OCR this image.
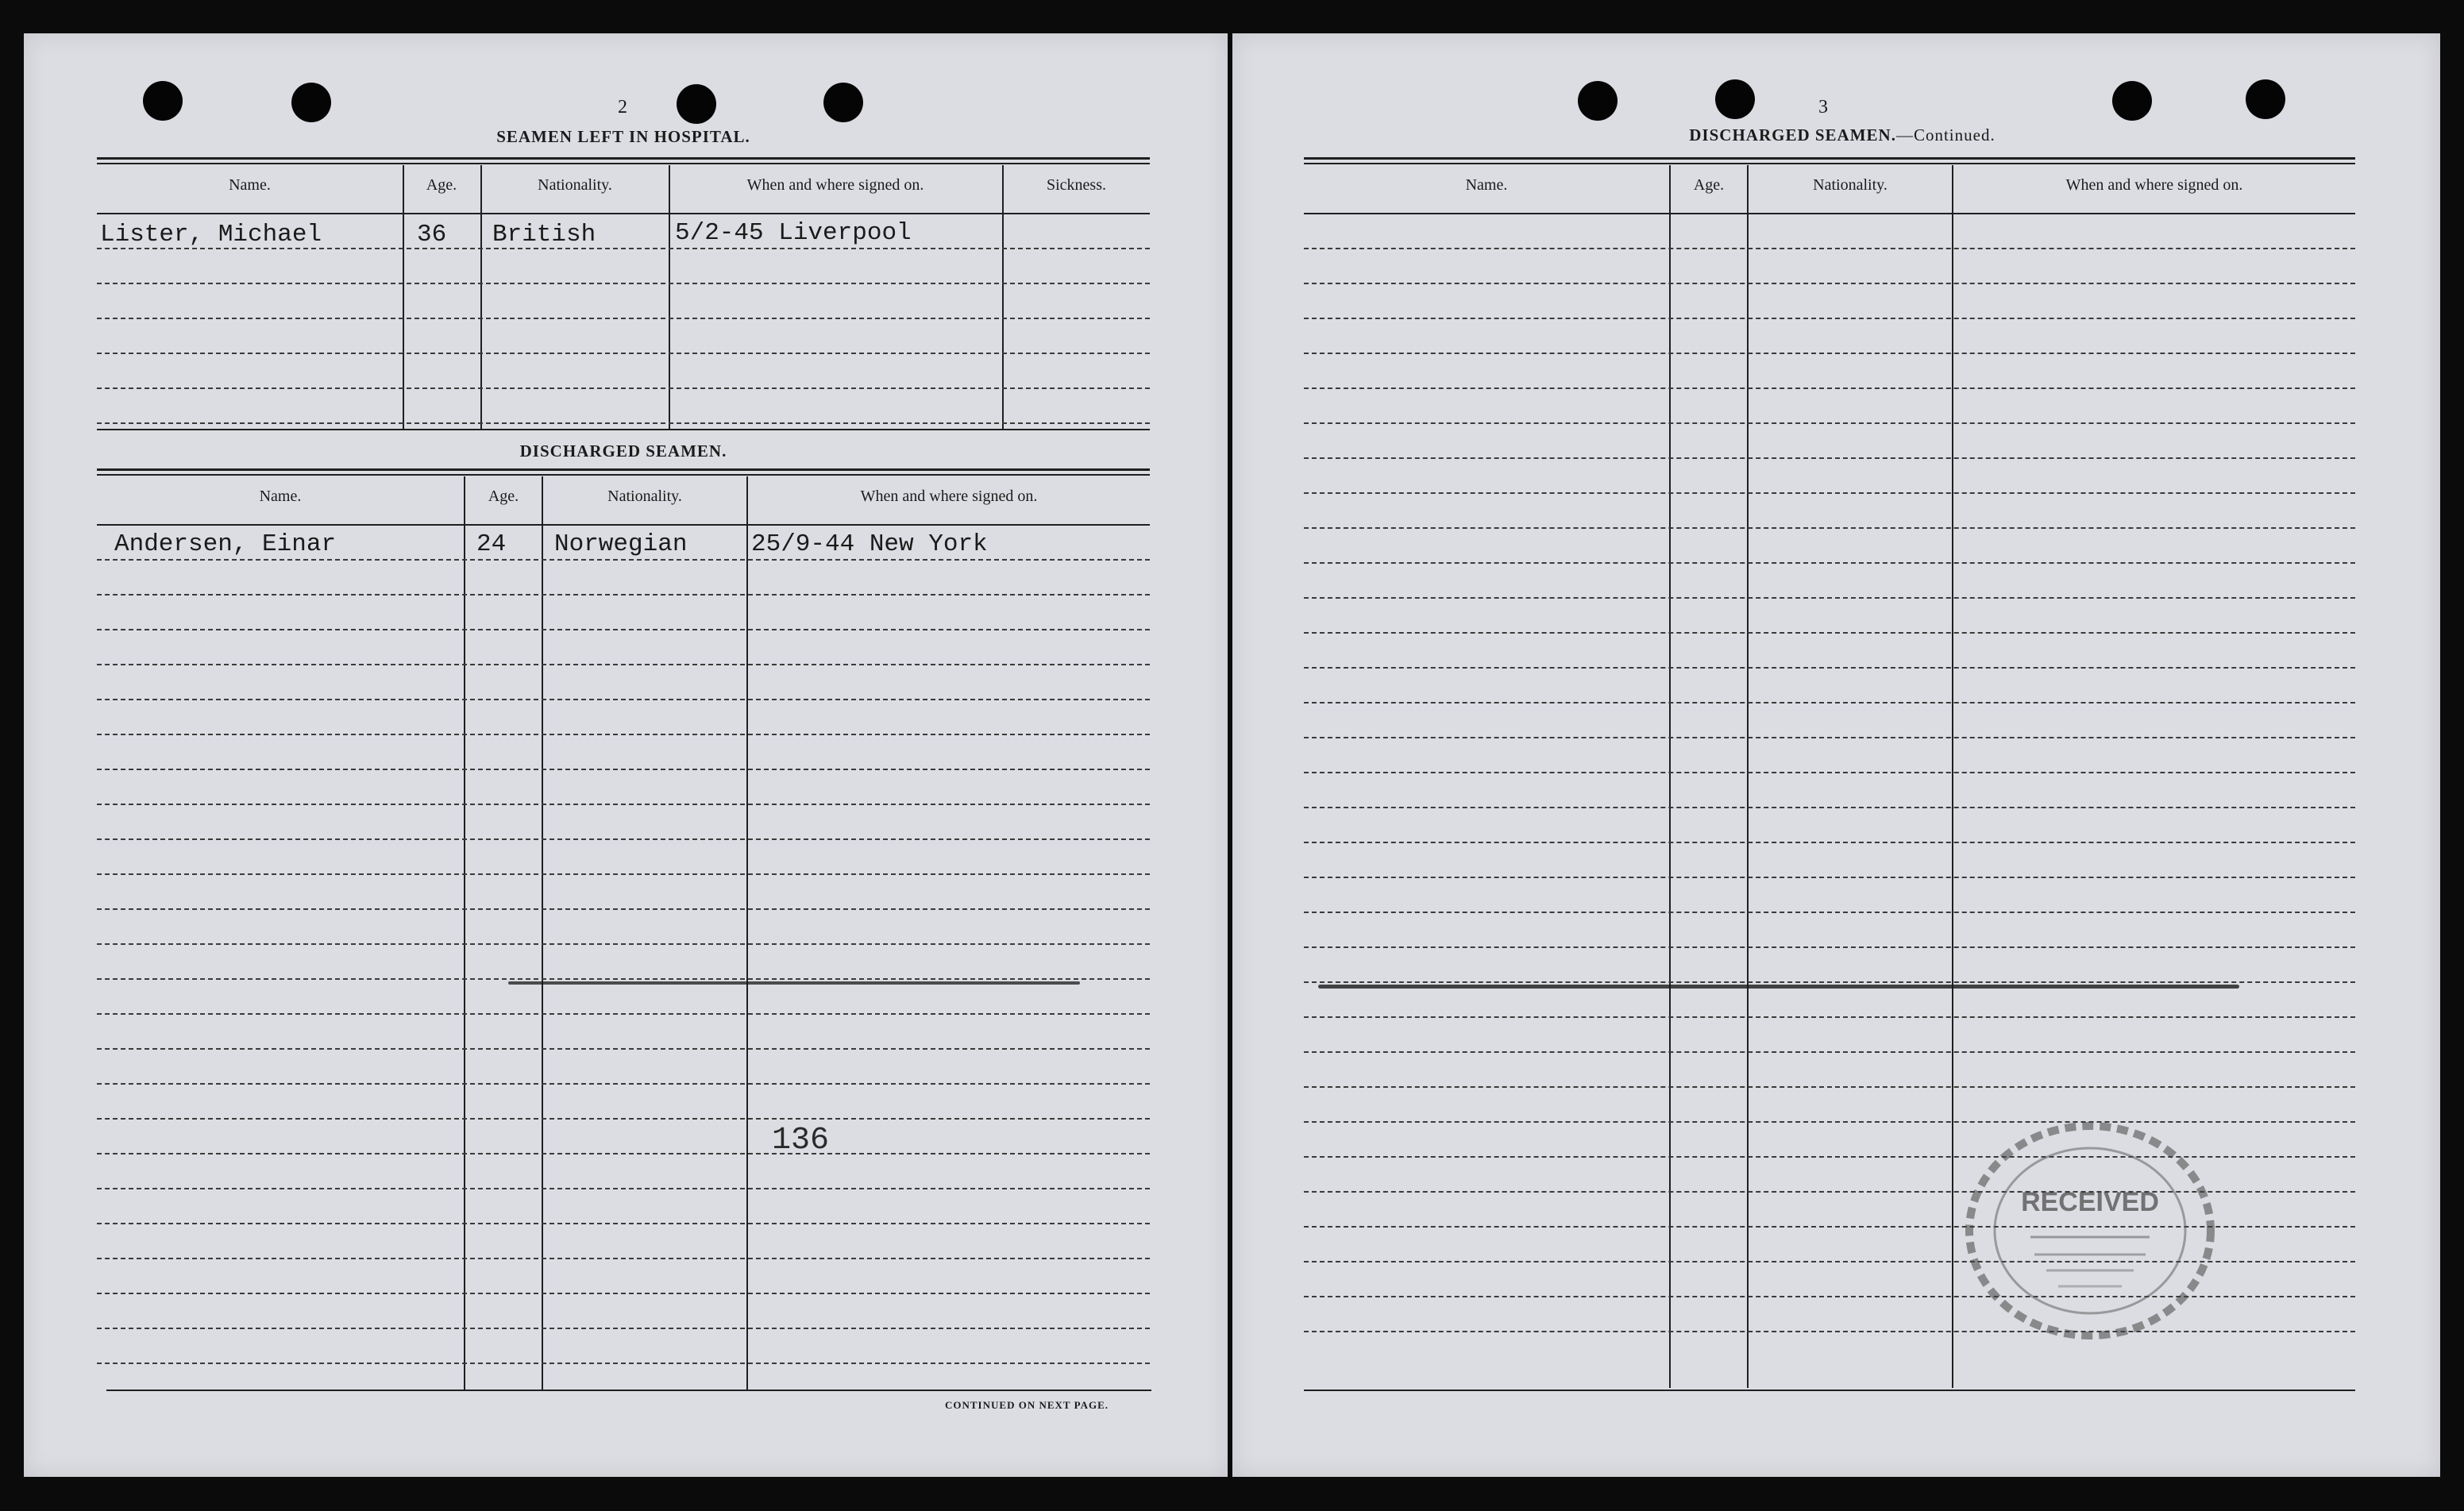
2
SEAMEN LEFT IN HOSPITAL.
Name.	Age.	Nationality.	When and where signed on.	Sickness.
Lister, Michael	36 British	5/2-45 Liverpool
DISCHARGED SEAMEN.
Name.	Age.	Nationality.	When and where signed on.
Andersen, Einar	24 Norwegian	25/9-44 New York
136
CONTINUED ON NEXT PAGE.
3
DISCHARGED SEAMEN.—Continued.
Name.	Age.	Nationality.	When and where signed on.
RECEIVED
